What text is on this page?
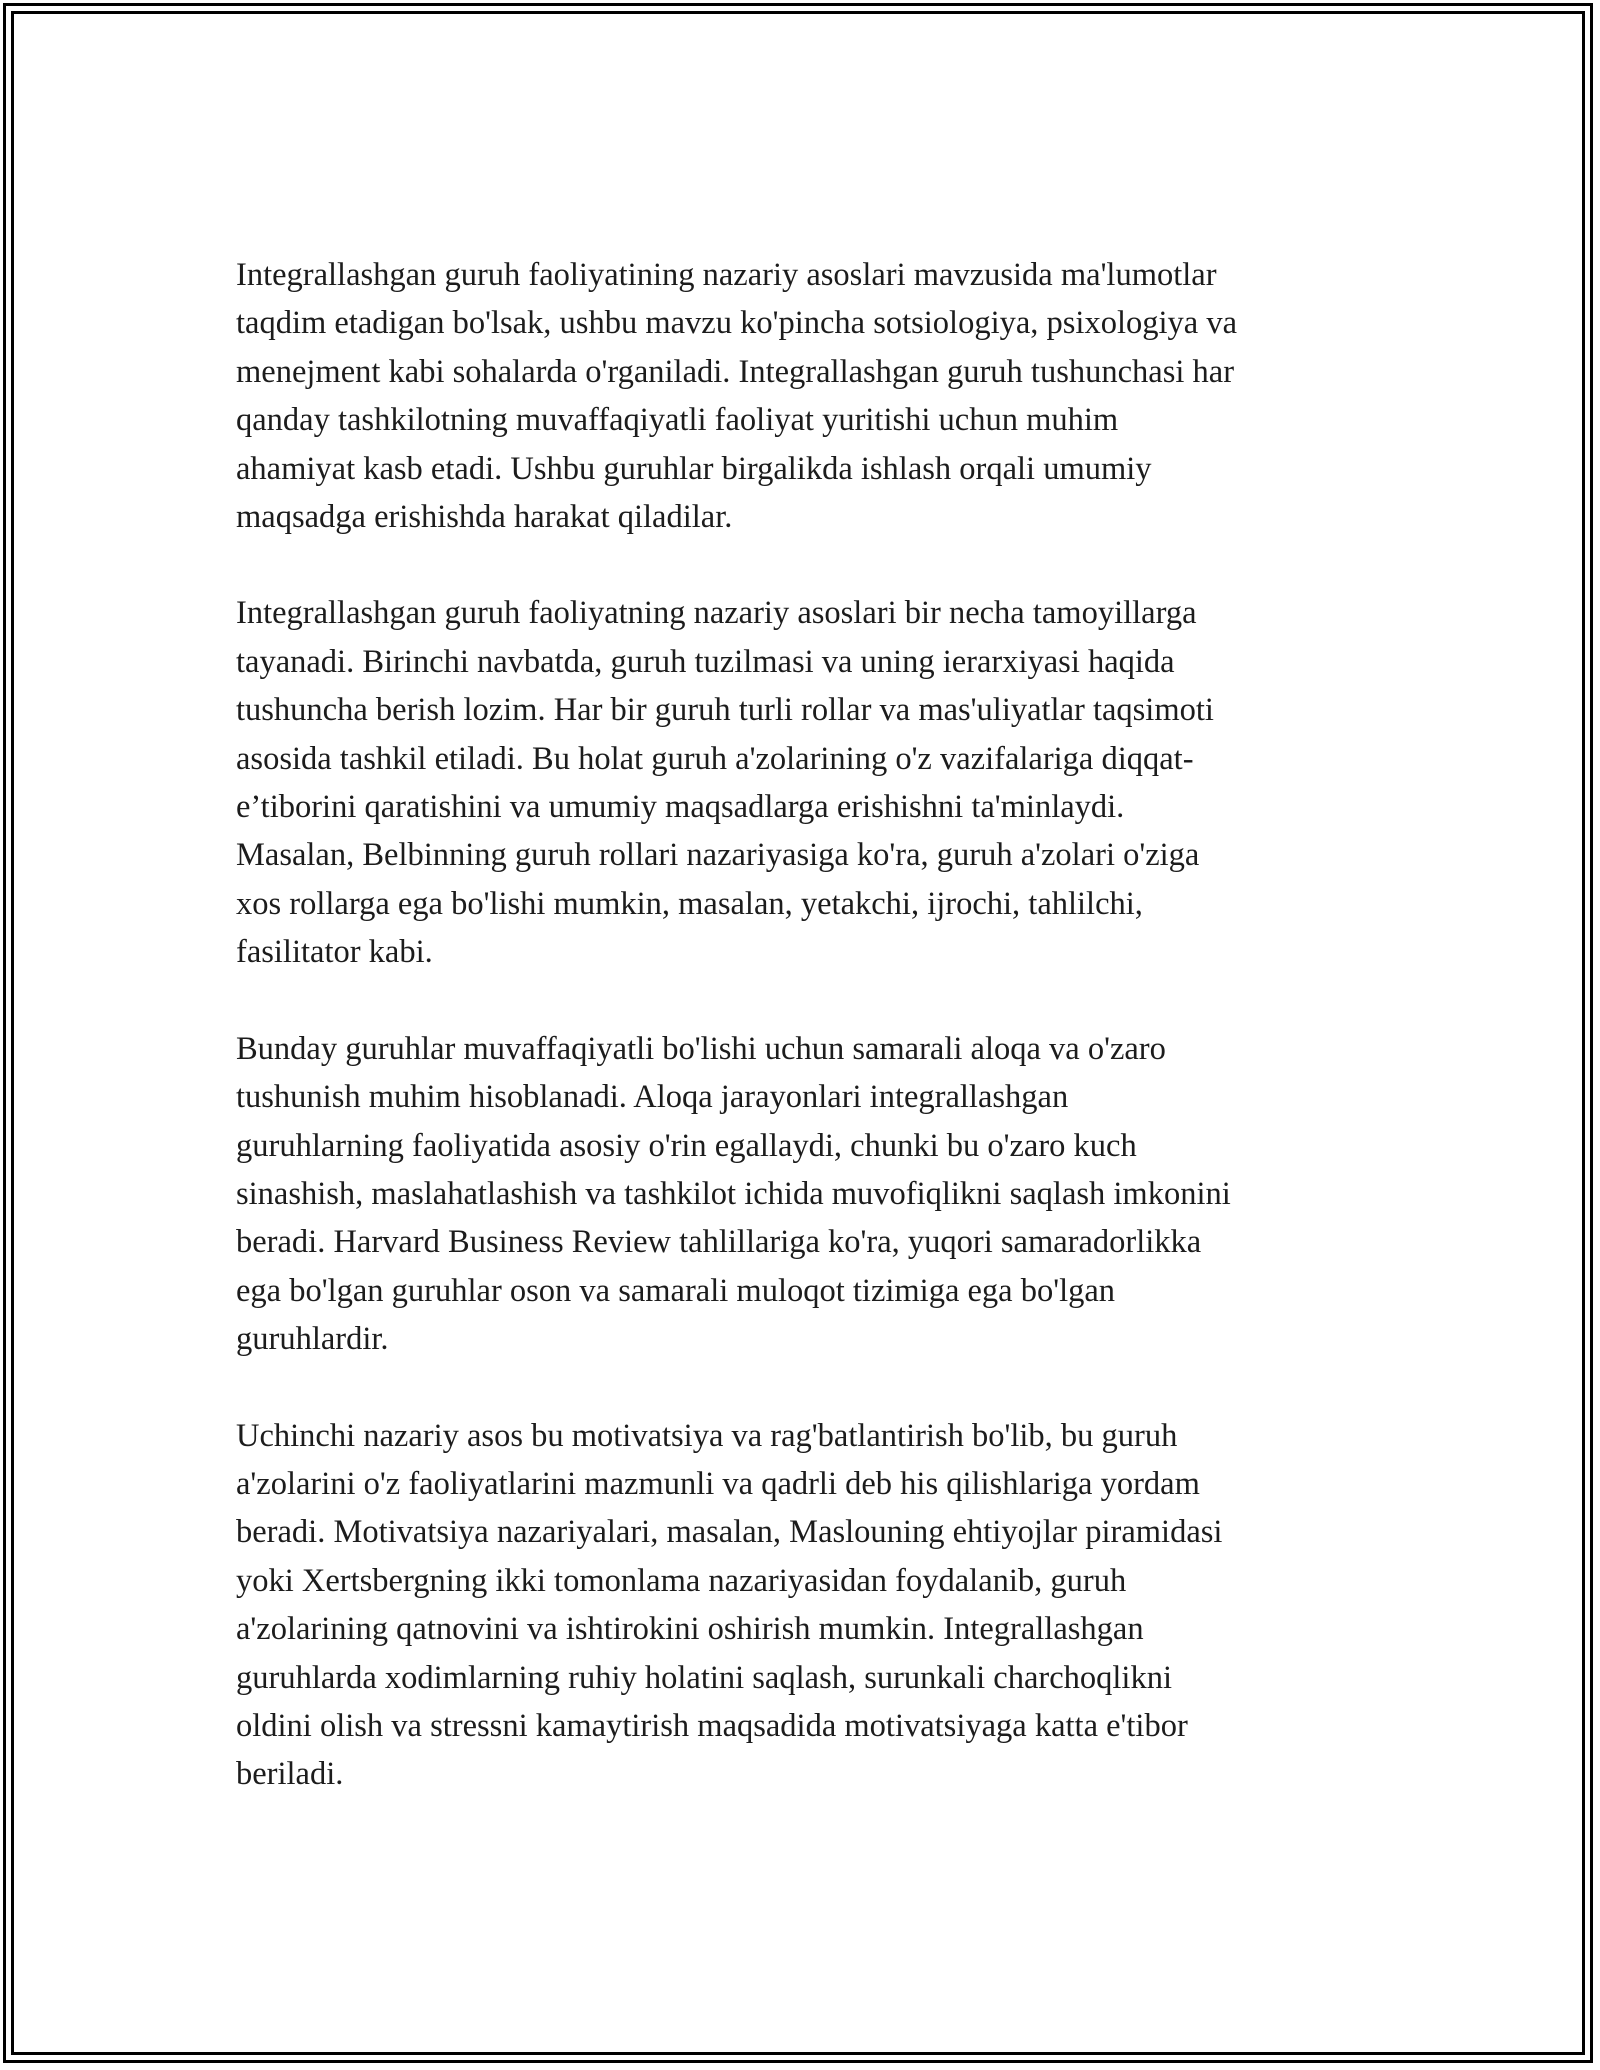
Integrallashgan guruh faoliyatining nazariy asoslari mavzusida ma'lumotlar
taqdim etadigan bo'lsak, ushbu mavzu ko'pincha sotsiologiya, psixologiya va
menejment kabi sohalarda o'rganiladi. Integrallashgan guruh tushunchasi har
qanday tashkilotning muvaffaqiyatli faoliyat yuritishi uchun muhim
ahamiyat kasb etadi. Ushbu guruhlar birgalikda ishlash orqali umumiy
maqsadga erishishda harakat qiladilar.

Integrallashgan guruh faoliyatning nazariy asoslari bir necha tamoyillarga
tayanadi. Birinchi navbatda, guruh tuzilmasi va uning ierarxiyasi haqida
tushuncha berish lozim. Har bir guruh turli rollar va mas'uliyatlar taqsimoti
asosida tashkil etiladi. Bu holat guruh a'zolarining o'z vazifalariga diqqat-
e’tiborini qaratishini va umumiy maqsadlarga erishishni ta'minlaydi.
Masalan, Belbinning guruh rollari nazariyasiga ko'ra, guruh a'zolari o'ziga
xos rollarga ega bo'lishi mumkin, masalan, yetakchi, ijrochi, tahlilchi,
fasilitator kabi.

Bunday guruhlar muvaffaqiyatli bo'lishi uchun samarali aloqa va o'zaro
tushunish muhim hisoblanadi. Aloqa jarayonlari integrallashgan
guruhlarning faoliyatida asosiy o'rin egallaydi, chunki bu o'zaro kuch
sinashish, maslahatlashish va tashkilot ichida muvofiqlikni saqlash imkonini
beradi. Harvard Business Review tahlillariga ko'ra, yuqori samaradorlikka
ega bo'lgan guruhlar oson va samarali muloqot tizimiga ega bo'lgan
guruhlardir.

Uchinchi nazariy asos bu motivatsiya va rag'batlantirish bo'lib, bu guruh
a'zolarini o'z faoliyatlarini mazmunli va qadrli deb his qilishlariga yordam
beradi. Motivatsiya nazariyalari, masalan, Maslouning ehtiyojlar piramidasi
yoki Xertsbergning ikki tomonlama nazariyasidan foydalanib, guruh
a'zolarining qatnovini va ishtirokini oshirish mumkin. Integrallashgan
guruhlarda xodimlarning ruhiy holatini saqlash, surunkali charchoqlikni
oldini olish va stressni kamaytirish maqsadida motivatsiyaga katta e'tibor
beriladi.
